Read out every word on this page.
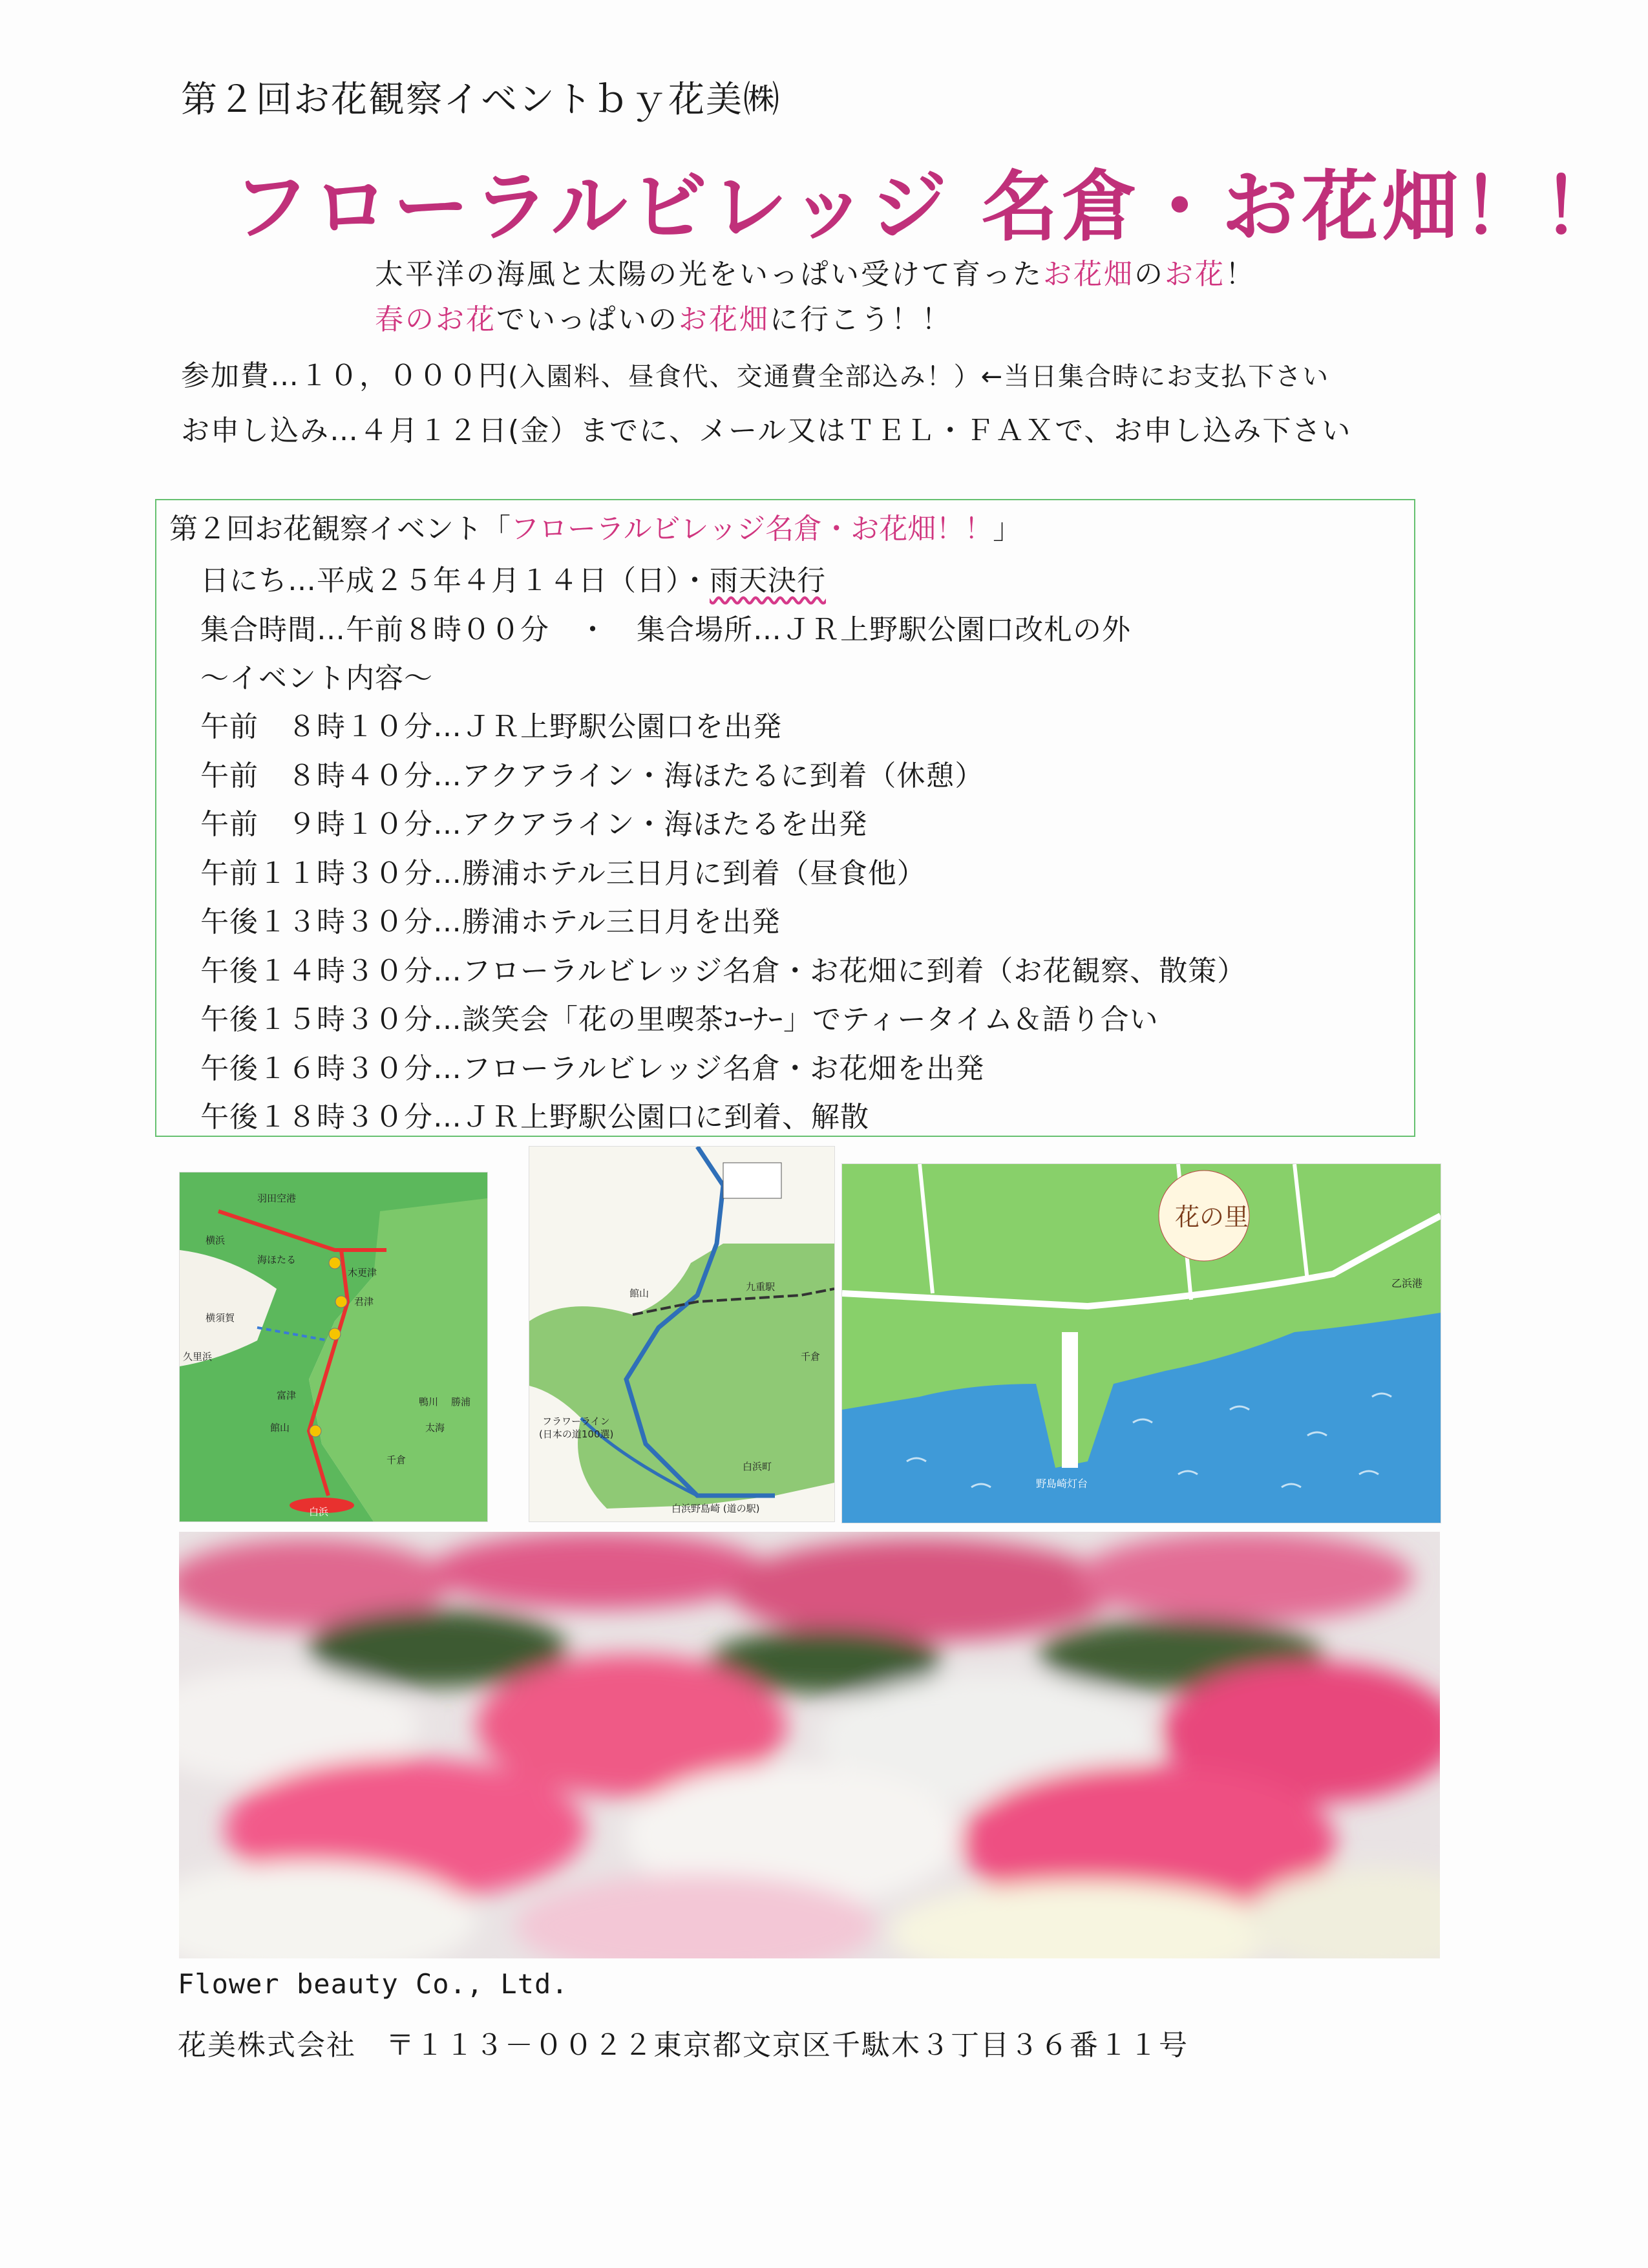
第２回お花観察イベントｂｙ花美㈱
フローラルビレッジ 名倉・お花畑！！
太平洋の海風と太陽の光をいっぱい受けて育ったお花畑のお花！
春のお花でいっぱいのお花畑に行こう！！
参加費…１０，０００円(入園料、昼食代、交通費全部込み！）←当日集合時にお支払下さい
お申し込み…４月１２日(金）までに、メール又はＴＥＬ・ＦＡＸで、お申し込み下さい
第２回お花観察イベント「フローラルビレッジ名倉・お花畑！！」
日にち…平成２５年４月１４日（日）・雨天決行
集合時間…午前８時００分　・　集合場所…ＪＲ上野駅公園口改札の外
～イベント内容～
午前　８時１０分…ＪＲ上野駅公園口を出発
午前　８時４０分…アクアライン・海ほたるに到着（休憩）
午前　９時１０分…アクアライン・海ほたるを出発
午前１１時３０分…勝浦ホテル三日月に到着（昼食他）
午後１３時３０分…勝浦ホテル三日月を出発
午後１４時３０分…フローラルビレッジ名倉・お花畑に到着（お花観察、散策）
午後１５時３０分…談笑会「花の里喫茶ｺｰﾅｰ」でティータイム＆語り合い
午後１６時３０分…フローラルビレッジ名倉・お花畑を出発
午後１８時３０分…ＪＲ上野駅公園口に到着、解散
羽田空港
横浜
海ほたる
横須賀
久里浜
木更津
君津
富津
館山
鴨川 勝浦
太海
千倉
白浜
館山
九重駅
千倉
フラワーライン
(日本の道100選)
白浜町
白浜野島崎 (道の駅)
花の里
乙浜港
野島崎灯台
Flower beauty Co., Ltd.
花美株式会社　 〒１１３－００２２東京都文京区千駄木３丁目３６番１１号
